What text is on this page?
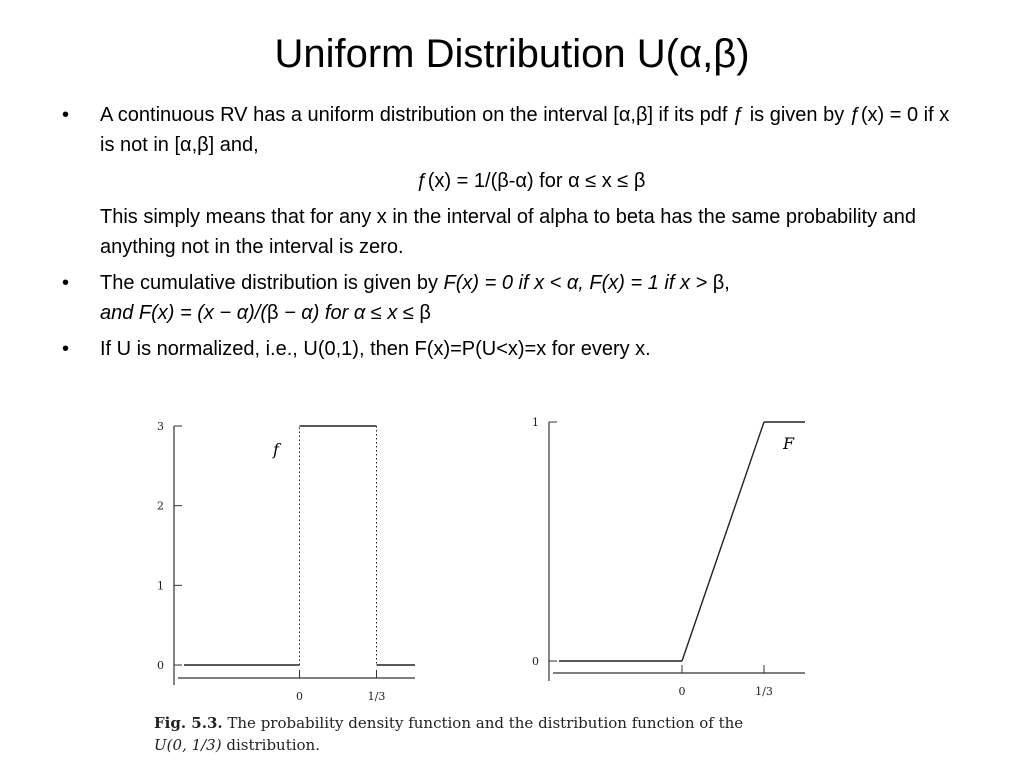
Uniform Distribution U(α,β)
• A continuous RV has a uniform distribution on the interval [α,β] if its pdf ƒ is given by ƒ(x) = 0 if x is not in [α,β] and,
ƒ(x) = 1/(β-α) for α ≤ x ≤ β
This simply means that for any x in the interval of alpha to beta has the same probability and anything not in the interval is zero.
• The cumulative distribution is given by F(x) = 0 if x < α, F(x) = 1 if x > β,
and F(x) = (x − α)/(β − α) for α ≤ x ≤ β
• If U is normalized, i.e., U(0,1), then F(x)=P(U<x)=x for every x.
0
1
2
3
0	1/3
f
0
1
0	1/3
F
Fig. 5.3. The probability density function and the distribution function of the
U(0, 1/3) distribution.
